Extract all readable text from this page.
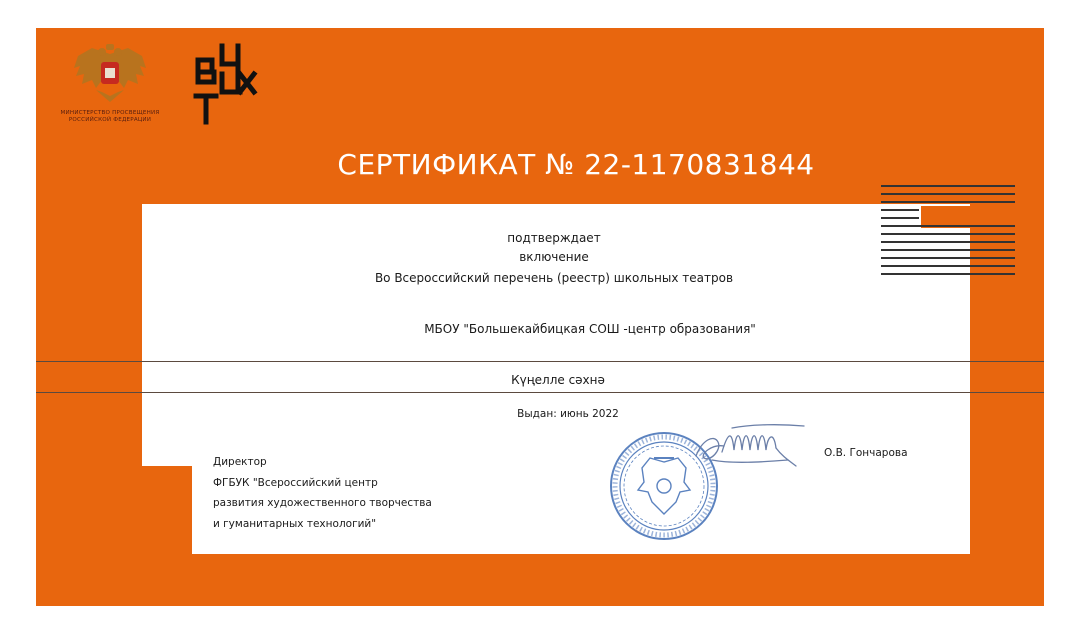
МИНИСТЕРСТВО ПРОСВЕЩЕНИЯ
РОССИЙСКОЙ ФЕДЕРАЦИИ
СЕРТИФИКАТ № 22-1170831844
подтверждает
включение
Во Всероссийский перечень (реестр) школьных театров
МБОУ "Большекайбицкая СОШ -центр образования"
Күңелле сәхнә
Выдан: июнь 2022
Директор
ФГБУК "Всероссийский центр
развития художественного творчества
и гуманитарных технологий"
О.В. Гончарова
